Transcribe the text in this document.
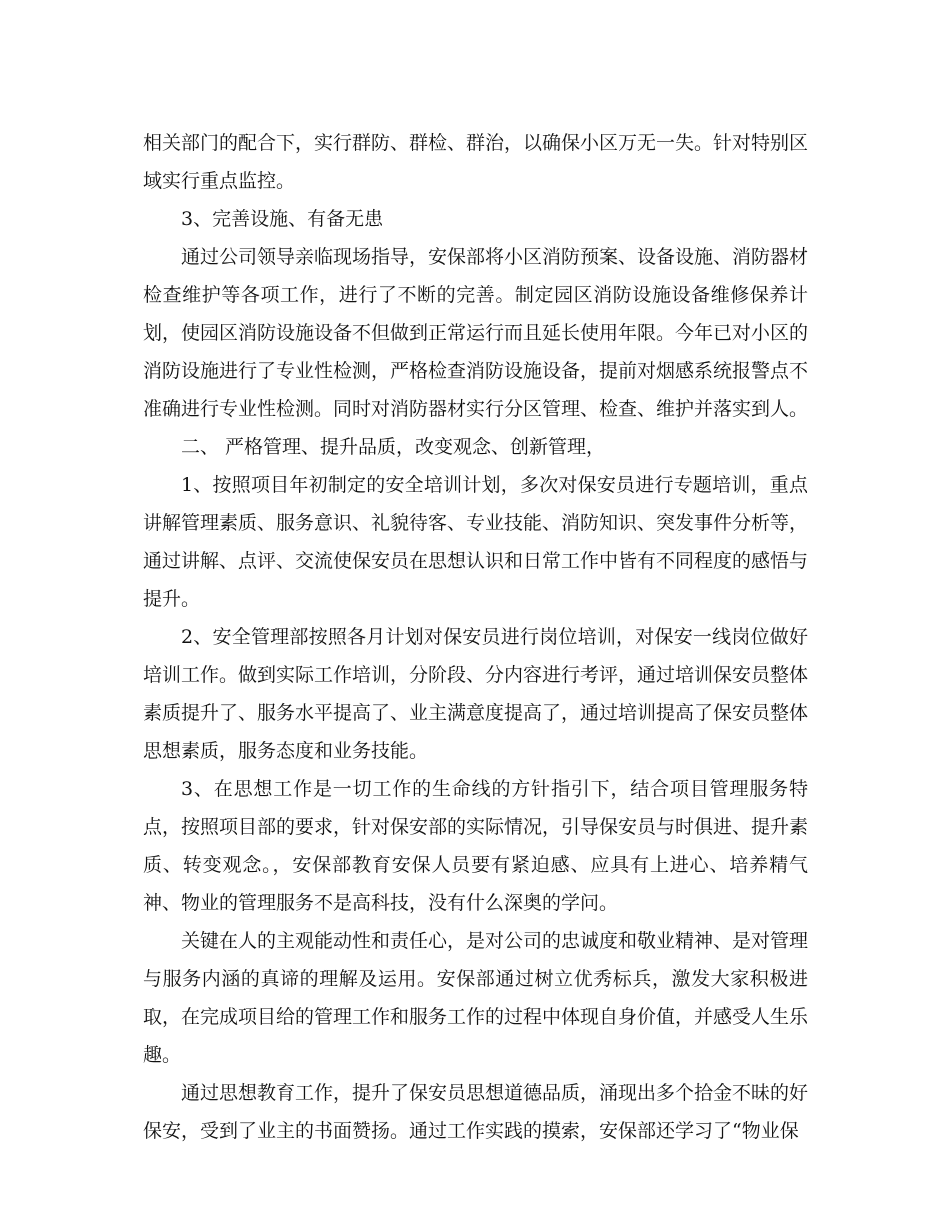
相关部门的配合下，实行群防、群检、群治，以确保小区万无一失。针对特别区域实行重点监控。

3、完善设施、有备无患

通过公司领导亲临现场指导，安保部将小区消防预案、设备设施、消防器材检查维护等各项工作，进行了不断的完善。制定园区消防设施设备维修保养计划，使园区消防设施设备不但做到正常运行而且延长使用年限。今年已对小区的消防设施进行了专业性检测，严格检查消防设施设备，提前对烟感系统报警点不准确进行专业性检测。同时对消防器材实行分区管理、检查、维护并落实到人。

二、 严格管理、提升品质，改变观念、创新管理，

1、按照项目年初制定的安全培训计划，多次对保安员进行专题培训，重点讲解管理素质、服务意识、礼貌待客、专业技能、消防知识、突发事件分析等，通过讲解、点评、交流使保安员在思想认识和日常工作中皆有不同程度的感悟与提升。

2、安全管理部按照各月计划对保安员进行岗位培训，对保安一线岗位做好培训工作。做到实际工作培训，分阶段、分内容进行考评，通过培训保安员整体素质提升了、服务水平提高了、业主满意度提高了，通过培训提高了保安员整体思想素质，服务态度和业务技能。

3、在思想工作是一切工作的生命线的方针指引下，结合项目管理服务特点，按照项目部的要求，针对保安部的实际情况，引导保安员与时俱进、提升素质、转变观念。，安保部教育安保人员要有紧迫感、应具有上进心、培养精气神、物业的管理服务不是高科技，没有什么深奥的学问。

关键在人的主观能动性和责任心，是对公司的忠诚度和敬业精神、是对管理与服务内涵的真谛的理解及运用。安保部通过树立优秀标兵，激发大家积极进取，在完成项目给的管理工作和服务工作的过程中体现自身价值，并感受人生乐趣。

通过思想教育工作，提升了保安员思想道德品质，涌现出多个拾金不昧的好保安，受到了业主的书面赞扬。通过工作实践的摸索，安保部还学习了“物业保
